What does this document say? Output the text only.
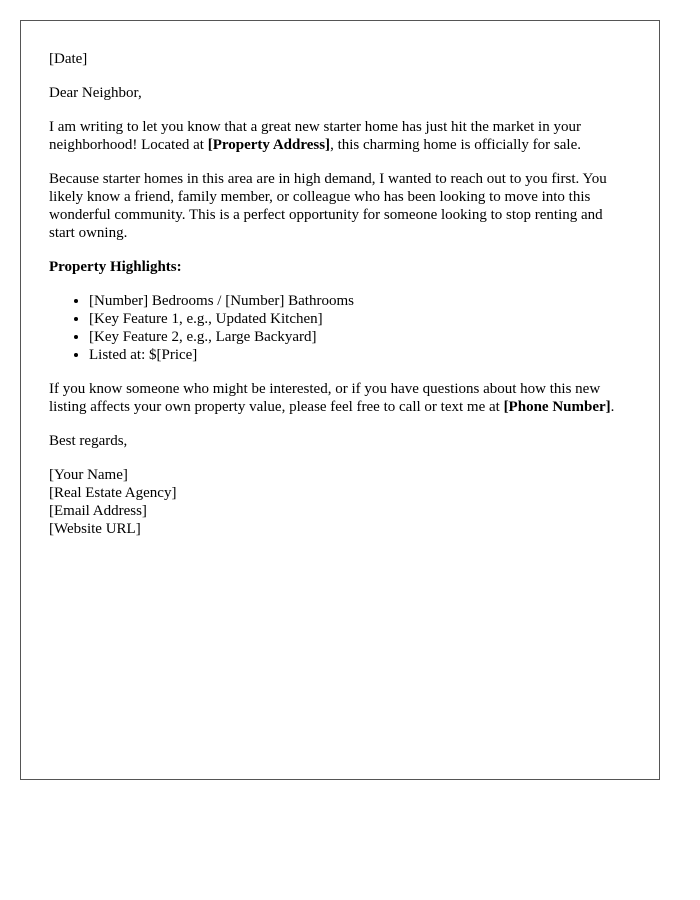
[Date]

Dear Neighbor,

I am writing to let you know that a great new starter home has just hit the market in your neighborhood! Located at [Property Address], this charming home is officially for sale.

Because starter homes in this area are in high demand, I wanted to reach out to you first. You likely know a friend, family member, or colleague who has been looking to move into this wonderful community. This is a perfect opportunity for someone looking to stop renting and start owning.

Property Highlights:

• [Number] Bedrooms / [Number] Bathrooms
• [Key Feature 1, e.g., Updated Kitchen]
• [Key Feature 2, e.g., Large Backyard]
• Listed at: $[Price]

If you know someone who might be interested, or if you have questions about how this new listing affects your own property value, please feel free to call or text me at [Phone Number].

Best regards,

[Your Name]
[Real Estate Agency]
[Email Address]
[Website URL]
